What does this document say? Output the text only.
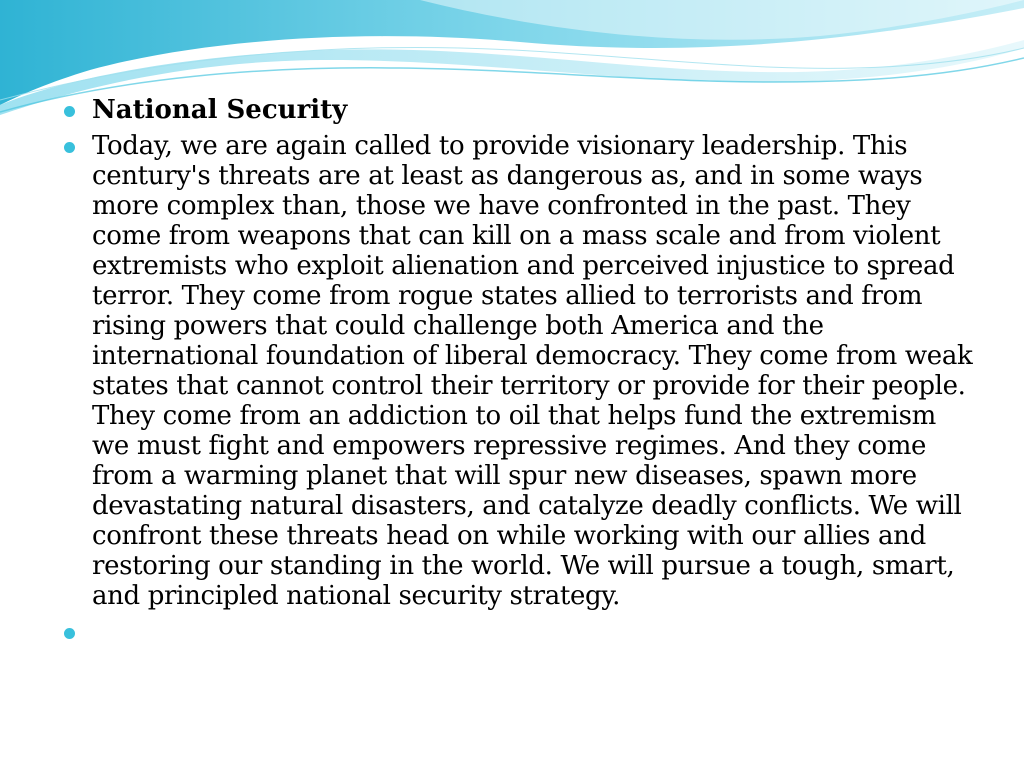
National Security
Today, we are again called to provide visionary leadership. This century's threats are at least as dangerous as, and in some ways more complex than, those we have confronted in the past. They come from weapons that can kill on a mass scale and from violent extremists who exploit alienation and perceived injustice to spread terror. They come from rogue states allied to terrorists and from rising powers that could challenge both America and the international foundation of liberal democracy. They come from weak states that cannot control their territory or provide for their people. They come from an addiction to oil that helps fund the extremism we must fight and empowers repressive regimes. And they come from a warming planet that will spur new diseases, spawn more devastating natural disasters, and catalyze deadly conflicts. We will confront these threats head on while working with our allies and restoring our standing in the world. We will pursue a tough, smart, and principled national security strategy.
